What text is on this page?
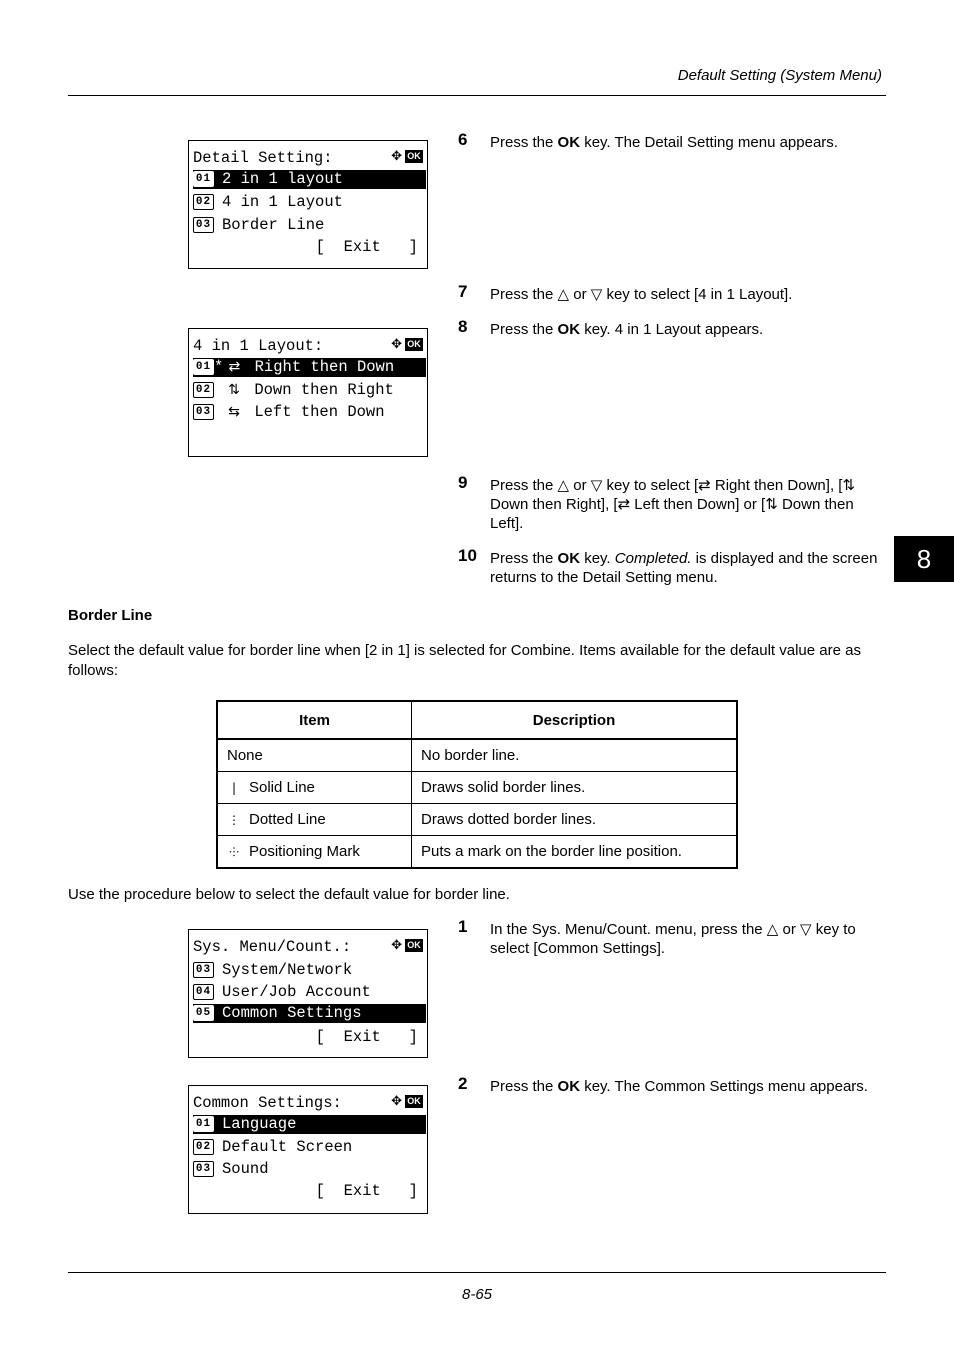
Default Setting (System Menu)
8
Detail Setting:	✥ OK
01 2 in 1 layout
02 4 in 1 Layout
03 Border Line
[  Exit   ]
4 in 1 Layout:	✥ OK
01 * ⇄ Right then Down
02 ⇅ Down then Right
03 ⇆ Left then Down
6 Press the OK key. The Detail Setting menu appears.
7 Press the △ or ▽ key to select [4 in 1 Layout].
8 Press the OK key. 4 in 1 Layout appears.
9 Press the △ or ▽ key to select [⇄ Right then Down], [⇅ Down then Right], [⇄ Left then Down] or [⇅ Down then Left].
10 Press the OK key. Completed. is displayed and the screen returns to the Detail Setting menu.
Border Line
Select the default value for border line when [2 in 1] is selected for Combine. Items available for the default value are as follows:
Item	Description
None	No border line.
| Solid Line	Draws solid border lines.
⋮ Dotted Line	Draws dotted border lines.
⸭ Positioning Mark	Puts a mark on the border line position.
Use the procedure below to select the default value for border line.
Sys. Menu/Count.:	✥ OK
03 System/Network
04 User/Job Account
05 Common Settings
[  Exit   ]
Common Settings:	✥ OK
01 Language
02 Default Screen
03 Sound
[  Exit   ]
1 In the Sys. Menu/Count. menu, press the △ or ▽ key to select [Common Settings].
2 Press the OK key. The Common Settings menu appears.
8-65
